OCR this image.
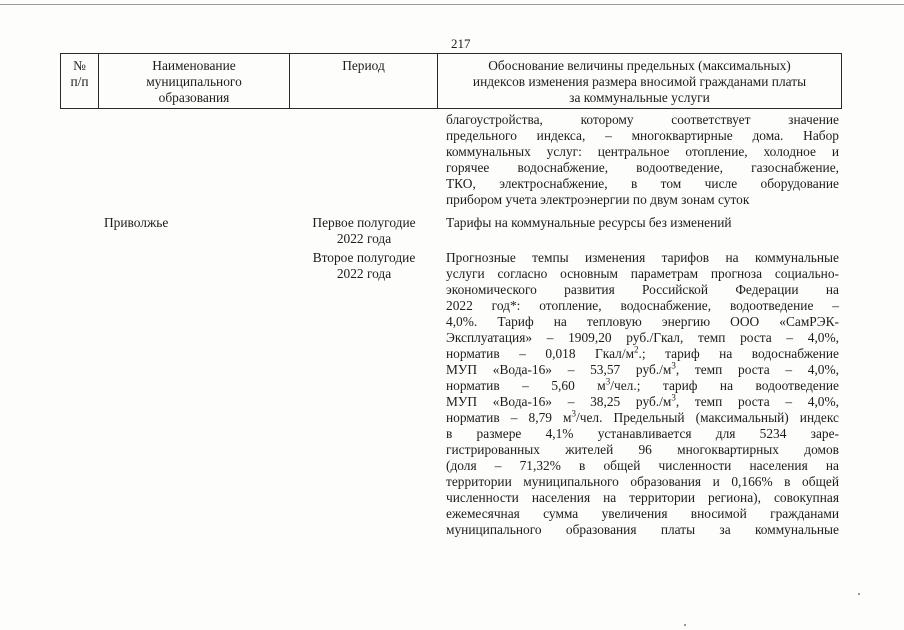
217
№
п/п
Наименование
муниципального
образования
Период	Обоснование величины предельных (максимальных)
индексов изменения размера вносимой гражданами платы
за коммунальные услуги
благоустройства, которому соответствует значение
предельного индекса, – многоквартирные дома. Набор
коммунальных услуг: центральное отопление, холодное и
горячее водоснабжение, водоотведение, газоснабжение,
ТКО, электроснабжение, в том числе оборудование
прибором учета электроэнергии по двум зонам суток
Приволжье	Первое полугодие
2022 года
Тарифы на коммунальные ресурсы без изменений
Второе полугодие
2022 года
Прогнозные темпы изменения тарифов на коммунальные
услуги согласно основным параметрам прогноза социально-
экономического развития Российской Федерации на
2022 год*: отопление, водоснабжение, водоотведение –
4,0%. Тариф на тепловую энергию ООО «СамРЭК-
Эксплуатация» – 1909,20 руб./Гкал, темп роста – 4,0%,
норматив – 0,018 Гкал/$м^2$.; тариф на водоснабжение
МУП «Вода-16» – 53,57 $руб./м^3$, темп роста – 4,0%,
норматив – 5,60 $м^3$/чел.; тариф на водоотведение
МУП «Вода-16» – 38,25 $руб./м^3$, темп роста – 4,0%,
норматив – 8,79 $м^3$/чел. Предельный (максимальный) индекс
в размере 4,1% устанавливается для 5234 заре-
гистрированных жителей 96 многоквартирных домов
(доля – 71,32% в общей численности населения на
территории муниципального образования и 0,166% в общей
численности населения на территории региона), совокупная
ежемесячная сумма увеличения вносимой гражданами
муниципального образования платы за коммунальные
